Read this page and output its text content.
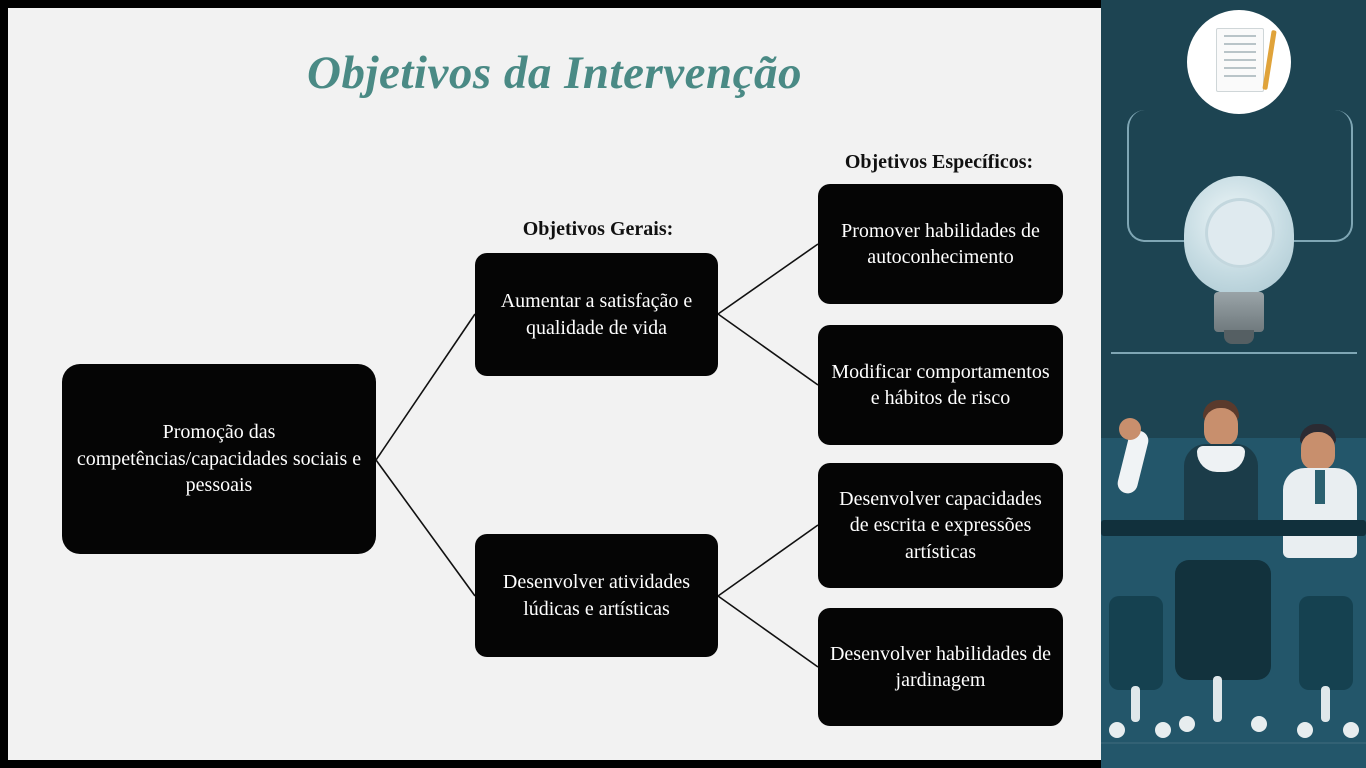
Objetivos da Intervenção
Objetivos Gerais:
Objetivos Específicos:
Promoção das competências/capacidades sociais e pessoais
Aumentar a satisfação e qualidade de vida
Desenvolver atividades lúdicas e artísticas
Promover habilidades de autoconhecimento
Modificar comportamentos e hábitos de risco
Desenvolver capacidades de escrita e expressões artísticas
Desenvolver habilidades de jardinagem
